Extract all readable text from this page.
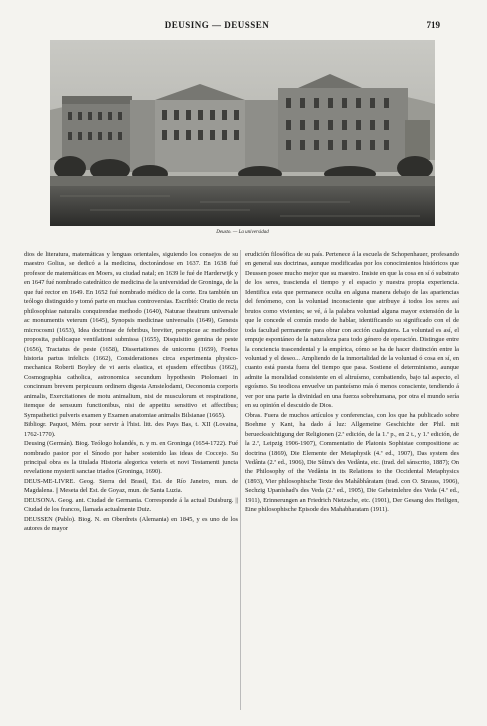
DEUSING — DEUSSEN	719
Deusto. — La universidad

dios de literatura, matemáticas y lenguas orientales, siguiendo los consejos de su maestro Golius, se dedicó a la medicina, doctorándose en 1637. En 1638 fué profesor de matemáticas en Moers, su ciudad natal; en 1639 le fué de Harderwijk y en 1647 fué nombrado catedrático de medicina de la universidad de Groninga, de la que fué rector en 1649. En 1652 fué nombrado médico de la corte. Era también un teólogo distinguido y tomó parte en muchas controversias. Escribió: Oratio de recta philosophiae naturalis conquirendae methodo (1640), Naturae theatrum universale ac monumentis veterum (1645), Synopsis medicinae universalis (1649), Genesis microcosmi (1653), Idea doctrinae de febribus, breviter, perspicue ac methodice proposita, publicaque ventilationi submissa (1655), Disquisitio gemina de peste (1656), Tractatus de peste (1658), Dissertationes de unicornu (1659), Foetus historia partus infelicis (1662), Considerationes circa experimenta physico-mechanica Roberti Boyley de vi aeris elastica, et ejusdem effectibus (1662), Cosmographia catholica, astronomica secundum hypothesin Ptolomaei in concinnum brevem perpicuum ordinem digesta Amstelodami, Oeconomia corporis animalis, Exercitationes de motu animalium, nisi de musculorum et respiratione, itemque de sensuum functionibus, nisi de appetitu sensitivo et affectibus; Sympathetici pulveris examen y Examen anatomiae animalis Bilsianae (1665).

Bibliogr. Paquot, Mém. pour servir à l'hist. litt. des Pays Bas, t. XII (Lovaina, 1762-1770).

Deusing (Germán). Biog. Teólogo holandés, n. y m. en Groninga (1654-1722). Fué nombrado pastor por el Sínodo por haber sostenido las ideas de Coccejo. Su principal obra es la titulada Historia alegorica veteris et novi Testamenti juncta revelatione mysterii sanctae triados (Groninga, 1690).

DEUS-ME-LIVRE. Geog. Sierra del Brasil, Est. de Río Janeiro, mun. de Magdalena. || Meseta del Est. de Goyaz, mun. de Santa Luzia.

DEUSONA. Geog. ant. Ciudad de Germania. Corresponde á la actual Duisburg. || Ciudad de los francos, llamada actualmente Duiz.

DEUSSEN (Pablo). Biog. N. en Oberdreis (Alemania) en 1845, y es uno de los autores de mayor

erudición filosófica de su país. Pertenece á la escuela de Schopenhauer, profesando en general sus doctrinas, aunque modificadas por los conocimientos históricos que Deussen posee mucho mejor que su maestro. Insiste en que la cosa en sí ó substrato de los seres, trascienda el tiempo y el espacio y nuestra propia experiencia. Identifica esta que permanece oculta en alguna manera debajo de las apariencias del fenómeno, con la voluntad inconsciente que atribuye á todos los seres así brutos como vivientes; se vé, á la palabra voluntad alguna mayor extensión de la que le concede el común modo de hablar, identificando su significado con el de toda facultad permanente para obrar con acción cualquiera. La voluntad es así, el empuje espontáneo de la naturaleza para todo género de operación. Distingue entre la conciencia trascendental y la empírica, cómo se ha de hacer distinción entre la voluntad y el deseo... Ampliendo de la inmortalidad de la voluntad ó cosa en sí, en cuanto está puesta fuera del tiempo que pasa. Sostiene el determinismo, aunque admite la moralidad consistente en el altruísmo, combatiendo, bajo tal aspecto, el egoísmo. Su teodicea envuelve un panteísmo más ó menos consciente, tendiendo á ver por una parte la divinidad en una fuerza sobrehumana, por otra el mundo sería en su opinión el descuido de Dios.

Obras. Fuera de muchos artículos y conferencias, con los que ha publicado sobre Boehme y Kant, ha dado á luz: Allgemeine Geschichte der Phil. mit berueckssichtigung der Religionen (2.ª edición, de la 1.ª p., en 2 t., y 1.ª edición, de la 2.ª, Leipzig 1906-1907), Commentatio de Platonis Sophistae compositione ac doctrina (1869), Die Elemente der Metaphysik (4.ª ed., 1907), Das system des Vedânta (2.ª ed., 1906), Die Sûtra's des Vedânta, etc. (trad. del sánscrito, 1887); On the Philosophy of the Vedânta in its Relations to the Occidental Metaphysics (1893), Vier philosophische Texte des Mahâbhâratam (trad. con O. Strauss, 1906), Sechzig Upanishad's des Veda (2.ª ed., 1905), Die Geheimlehre des Veda (4.ª ed., 1911), Erinnerungen an Friedrich Nietzsche, etc. (1901), Der Gesang des Heiligen, Eine philosophische Episode des Mahabharatam (1911).
